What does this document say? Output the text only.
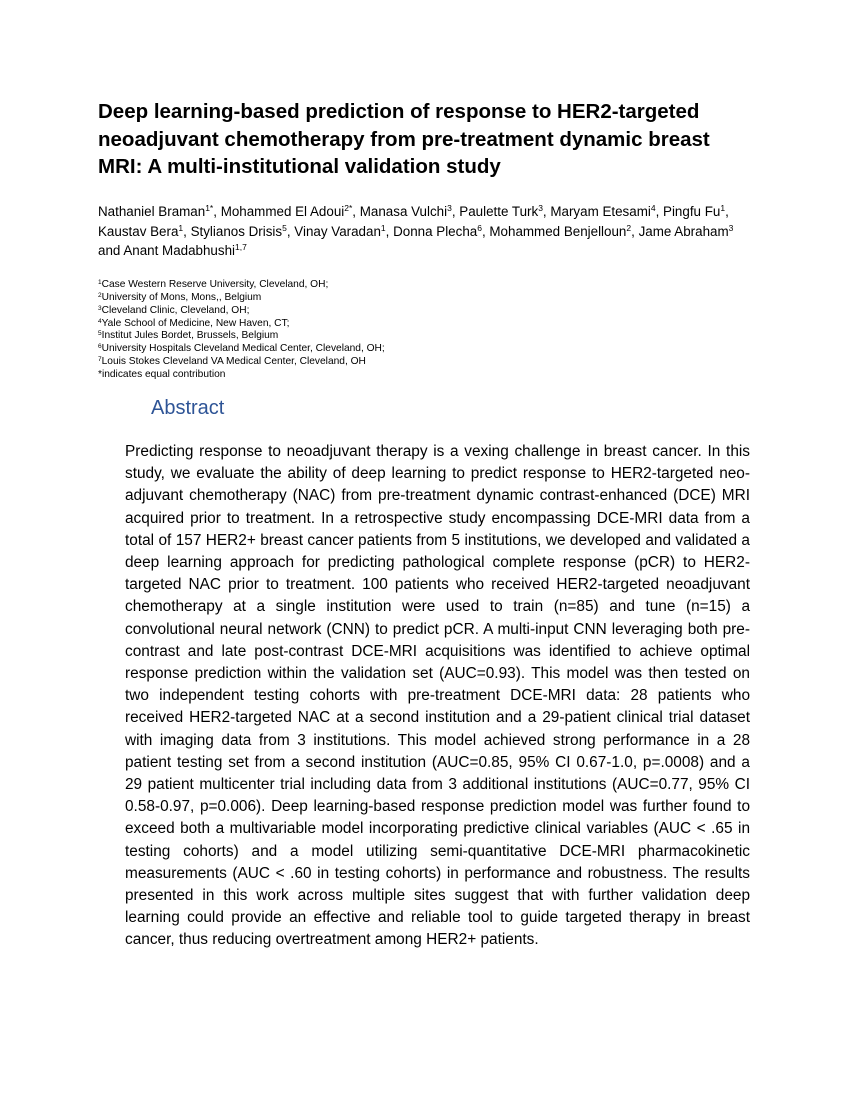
Deep learning-based prediction of response to HER2-targeted neoadjuvant chemotherapy from pre-treatment dynamic breast MRI: A multi-institutional validation study

Nathaniel Braman$^{1*}$, Mohammed El Adoui$^{2*}$, Manasa Vulchi$^3$, Paulette Turk$^3$, Maryam Etesami$^4$, Pingfu Fu$^1$, Kaustav Bera$^1$, Stylianos Drisis$^5$, Vinay Varadan$^1$, Donna Plecha$^6$, Mohammed Benjelloun$^2$, Jame Abraham$^3$ and Anant Madabhushi$^{1,7}$

$^1$Case Western Reserve University, Cleveland, OH;
$^2$University of Mons, Mons,, Belgium
$^3$Cleveland Clinic, Cleveland, OH;
$^4$Yale School of Medicine, New Haven, CT;
$^5$Institut Jules Bordet, Brussels, Belgium
$^6$University Hospitals Cleveland Medical Center, Cleveland, OH;
$^7$Louis Stokes Cleveland VA Medical Center, Cleveland, OH
*indicates equal contribution
Abstract

Predicting response to neoadjuvant therapy is a vexing challenge in breast cancer. In this study, we evaluate the ability of deep learning to predict response to HER2-targeted neo-adjuvant chemotherapy (NAC) from pre-treatment dynamic contrast-enhanced (DCE) MRI acquired prior to treatment. In a retrospective study encompassing DCE-MRI data from a total of 157 HER2+ breast cancer patients from 5 institutions, we developed and validated a deep learning approach for predicting pathological complete response (pCR) to HER2-targeted NAC prior to treatment. 100 patients who received HER2-targeted neoadjuvant chemotherapy at a single institution were used to train (n=85) and tune (n=15) a convolutional neural network (CNN) to predict pCR. A multi-input CNN leveraging both pre-contrast and late post-contrast DCE-MRI acquisitions was identified to achieve optimal response prediction within the validation set (AUC=0.93). This model was then tested on two independent testing cohorts with pre-treatment DCE-MRI data: 28 patients who received HER2-targeted NAC at a second institution and a 29-patient clinical trial dataset with imaging data from 3 institutions. This model achieved strong performance in a 28 patient testing set from a second institution (AUC=0.85, 95% CI 0.67-1.0, p=.0008) and a 29 patient multicenter trial including data from 3 additional institutions (AUC=0.77, 95% CI 0.58-0.97, p=0.006). Deep learning-based response prediction model was further found to exceed both a multivariable model incorporating predictive clinical variables (AUC < .65 in testing cohorts) and a model utilizing semi-quantitative DCE-MRI pharmacokinetic measurements (AUC < .60 in testing cohorts) in performance and robustness. The results presented in this work across multiple sites suggest that with further validation deep learning could provide an effective and reliable tool to guide targeted therapy in breast cancer, thus reducing overtreatment among HER2+ patients.
